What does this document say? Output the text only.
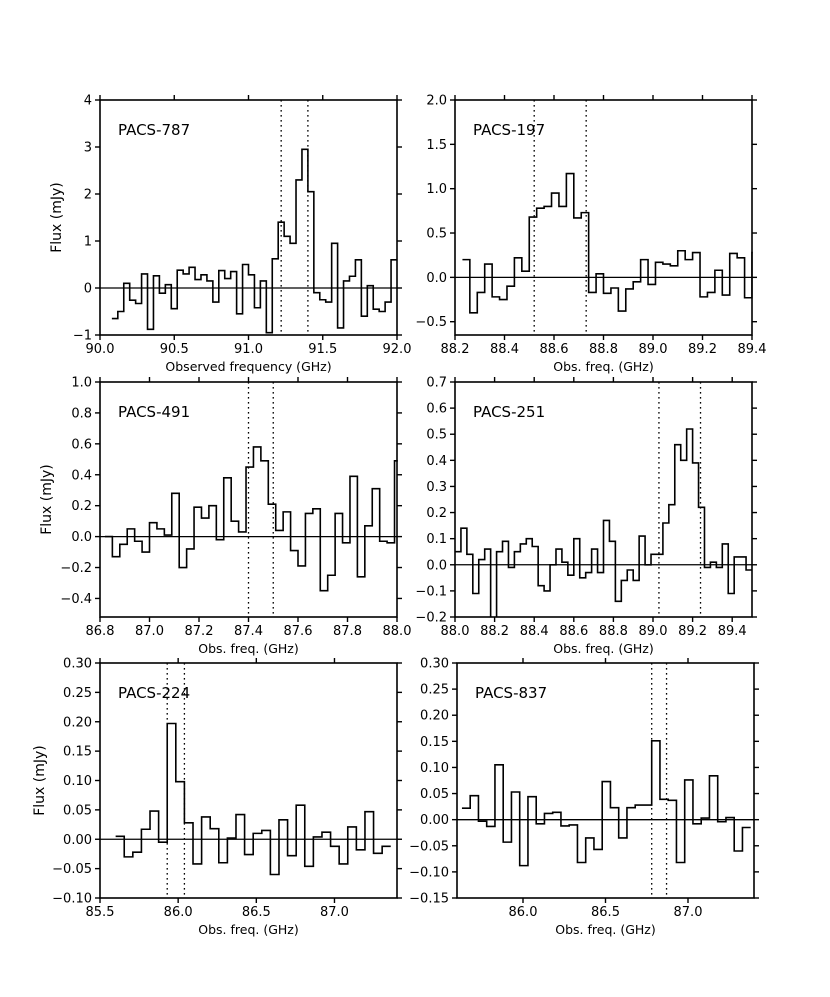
90.0	90.5	91.0	91.5	92.0
−1
0
1
2
3
4
PACS-787
Observed frequency (GHz)
Flux (mJy)
88.2 88.4 88.6 88.8 89.0 89.2 89.4
−0.5
0.0
0.5
1.0
1.5
2.0
PACS-197
Obs. freq. (GHz)
86.8 87.0 87.2 87.4 87.6 87.8 88.0
−0.4
−0.2
0.0
0.2
0.4
0.6
0.8
1.0
PACS-491
Obs. freq. (GHz)
Flux (mJy)
88.0 88.2 88.4 88.6 88.8 89.0 89.2 89.4
−0.2
−0.1
0.0
0.1
0.2
0.3
0.4
0.5
0.6
0.7
PACS-251
Obs. freq. (GHz)
85.5	86.0	86.5	87.0
−0.10
−0.05
0.00
0.05
0.10
0.15
0.20
0.25
0.30
PACS-224
Obs. freq. (GHz)
Flux (mJy)
86.0	86.5	87.0
−0.15
−0.10
−0.05
0.00
0.05
0.10
0.15
0.20
0.25
0.30
PACS-837
Obs. freq. (GHz)
